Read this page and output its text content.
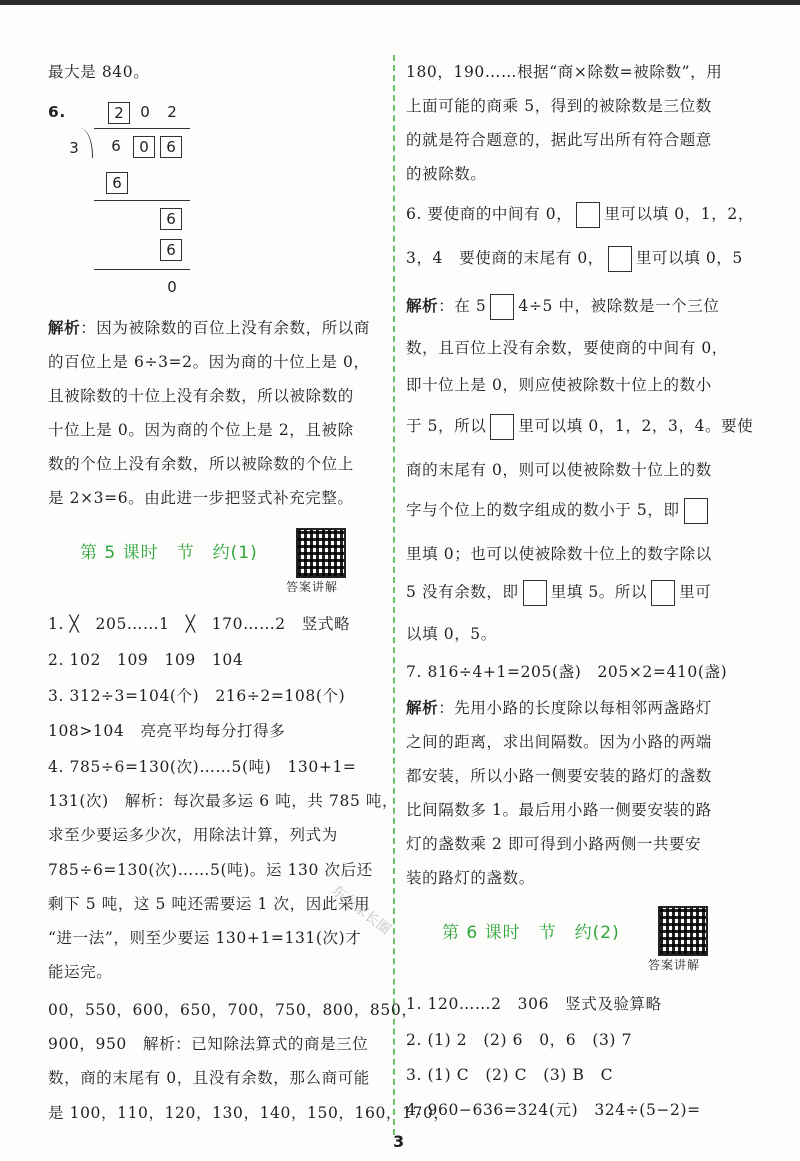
最大是 840。
6.	2	0	2
3	6	0	6
6
6
6
0
解析：因为被除数的百位上没有余数，所以商
的百位上是 6÷3=2。因为商的十位上是 0，
且被除数的十位上没有余数，所以被除数的
十位上是 0。因为商的个位上是 2，且被除
数的个位上没有余数，所以被除数的个位上
是 2×3=6。由此进一步把竖式补充完整。
第 5 课时　节　约(1)
答案讲解
1. ╳　205……1　╳　170……2　竖式略
2. 102　109　109　104
3. 312÷3=104(个)　216÷2=108(个)
108>104　亮亮平均每分打得多
4. 785÷6=130(次)……5(吨)　130+1=
131(次)　解析：每次最多运 6 吨，共 785 吨，
求至少要运多少次，用除法计算，列式为
785÷6=130(次)……5(吨)。运 130 次后还
剩下 5 吨，这 5 吨还需要运 1 次，因此采用
“进一法”，则至少要运 130+1=131(次)才
能运完。
00，550，600，650，700，750，800，850，
900，950　解析：已知除法算式的商是三位
数，商的末尾有 0，且没有余数，那么商可能
是 100，110，120，130，140，150，160，170，
180，190……根据“商×除数=被除数”，用
上面可能的商乘 5，得到的被除数是三位数
的就是符合题意的，据此写出所有符合题意
的被除数。
6. 要使商的中间有 0， 里可以填 0，1，2，
3，4　要使商的末尾有 0， 里可以填 0，5
解析：在 5 4÷5 中，被除数是一个三位
数，且百位上没有余数，要使商的中间有 0，
即十位上是 0，则应使被除数十位上的数小
于 5，所以 里可以填 0，1，2，3，4。要使
商的末尾有 0，则可以使被除数十位上的数
字与个位上的数字组成的数小于 5，即
里填 0；也可以使被除数十位上的数字除以
5 没有余数，即 里填 5。所以 里可
以填 0，5。
7. 816÷4+1=205(盏)　205×2=410(盏)
解析：先用小路的长度除以每相邻两盏路灯
之间的距离，求出间隔数。因为小路的两端
都安装，所以小路一侧要安装的路灯的盏数
比间隔数多 1。最后用小路一侧要安装的路
灯的盏数乘 2 即可得到小路两侧一共要安
装的路灯的盏数。
第 6 课时　节　约(2)
答案讲解
1. 120……2　306　竖式及验算略
2. (1) 2　(2) 6　0，6　(3) 7
3. (1) C　(2) C　(3) B　C
4. 960−636=324(元)　324÷(5−2)=
东东家长圈
3
